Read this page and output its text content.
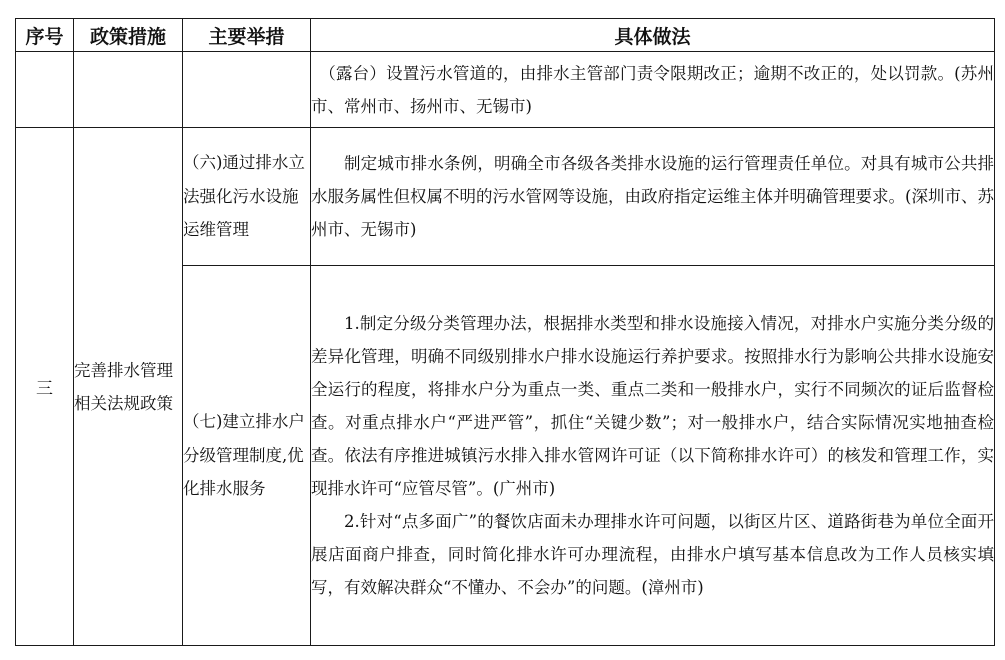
序号	政策措施	主要举措	具体做法

			（露台）设置污水管道的，由排水主管部门责令限期改正；逾期不改正的，处以罚款。(苏州市、常州市、扬州市、无锡市)

三	完善排水管理相关法规政策	（六)通过排水立法强化污水设施运维管理	制定城市排水条例，明确全市各级各类排水设施的运行管理责任单位。对具有城市公共排水服务属性但权属不明的污水管网等设施，由政府指定运维主体并明确管理要求。(深圳市、苏州市、无锡市)

		（七)建立排水户分级管理制度,优化排水服务	1.制定分级分类管理办法，根据排水类型和排水设施接入情况，对排水户实施分类分级的差异化管理，明确不同级别排水户排水设施运行养护要求。按照排水行为影响公共排水设施安全运行的程度，将排水户分为重点一类、重点二类和一般排水户，实行不同频次的证后监督检查。对重点排水户“严进严管”，抓住“关键少数”；对一般排水户，结合实际情况实地抽查检查。依法有序推进城镇污水排入排水管网许可证（以下简称排水许可）的核发和管理工作，实现排水许可“应管尽管”。(广州市)

2.针对“点多面广”的餐饮店面未办理排水许可问题，以街区片区、道路街巷为单位全面开展店面商户排查，同时简化排水许可办理流程，由排水户填写基本信息改为工作人员核实填写，有效解决群众“不懂办、不会办”的问题。(漳州市)
